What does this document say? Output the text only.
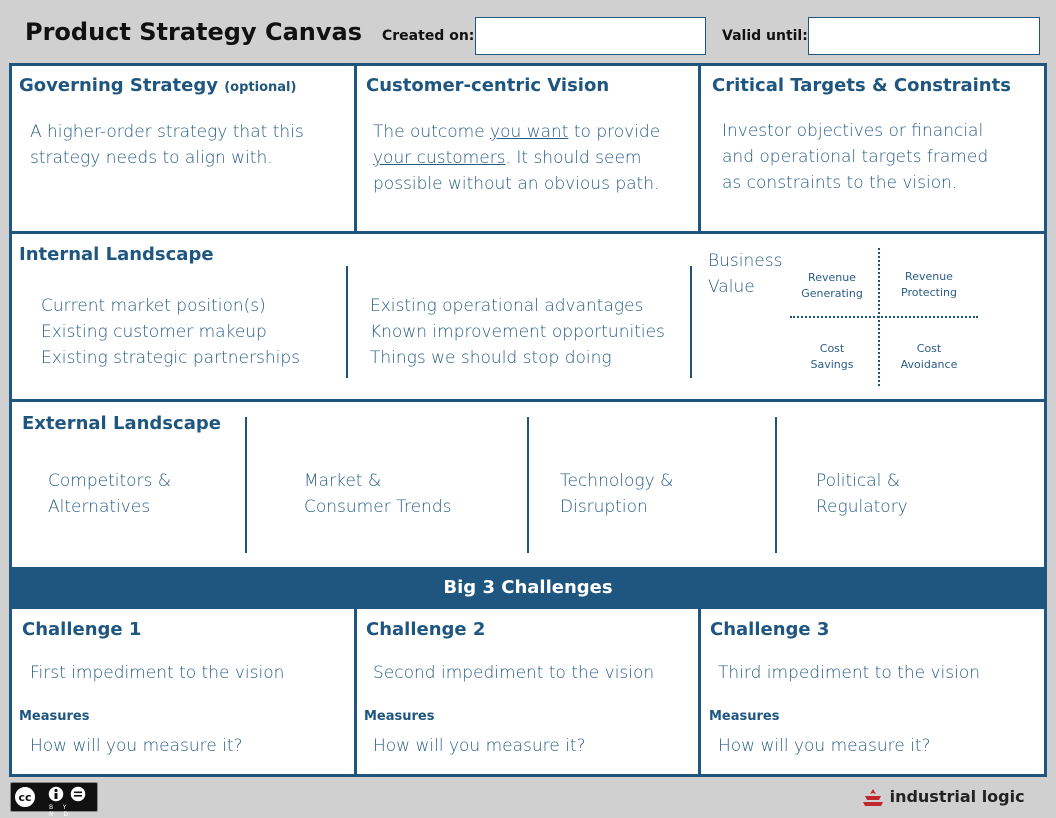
Product Strategy Canvas Created on:	Valid until:
Governing Strategy (optional)
A higher-order strategy that this
strategy needs to align with.
Customer-centric Vision
The outcome you want to provide
your customers. It should seem
possible without an obvious path.
Critical Targets & Constraints
Investor objectives or financial
and operational targets framed
as constraints to the vision.
Internal Landscape
Current market position(s)
Existing customer makeup
Existing strategic partnerships
Existing operational advantages
Known improvement opportunities
Things we should stop doing
Business
Value	Revenue
Generating
Revenue
Protecting
Cost
Savings
Cost
Avoidance
External Landscape
Competitors &
Alternatives
Market &
Consumer Trends
Technology &
Disruption
Political &
Regulatory
Big 3 Challenges
Challenge 1
First impediment to the vision
Measures
How will you measure it?
Challenge 2
Second impediment to the vision
Measures
How will you measure it?
Challenge 3
Third impediment to the vision
Measures
How will you measure it?
cc
BY ND
industrial logic
